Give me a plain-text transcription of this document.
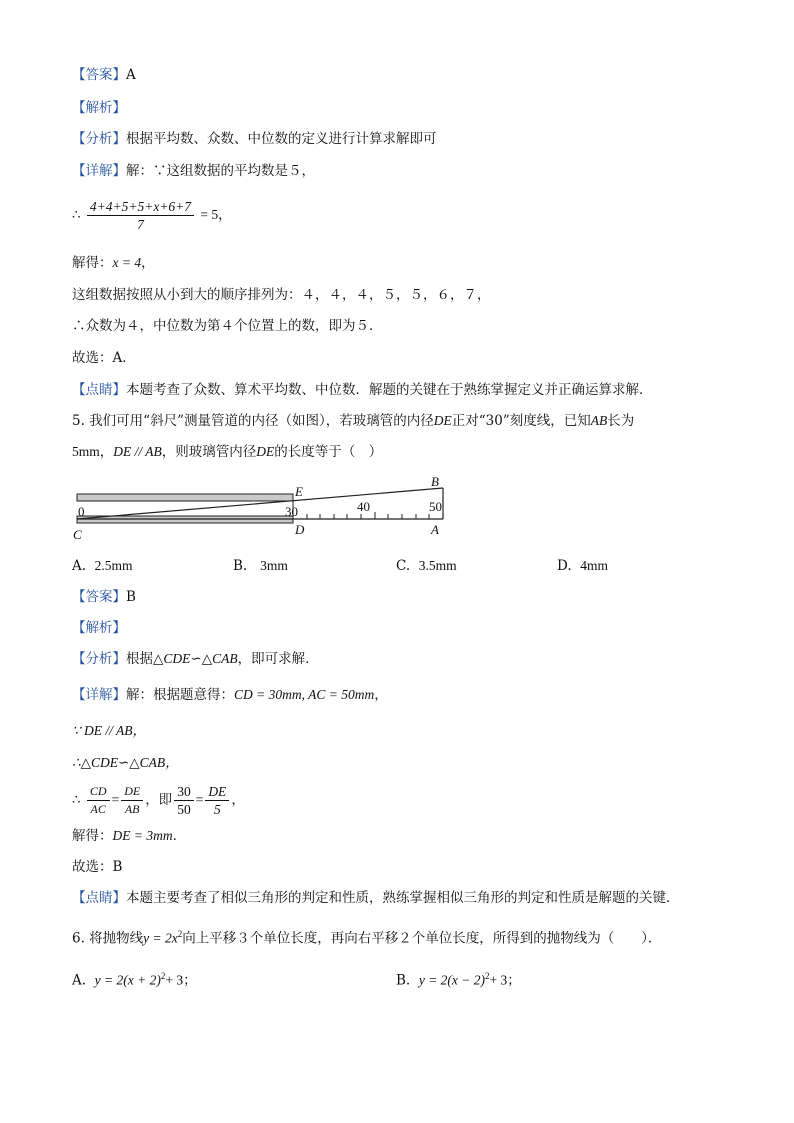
【答案】A
【解析】
【分析】根据平均数、众数、中位数的定义进行计算求解即可
【详解】解：∵这组数据的平均数是５，
∴ $\frac{4+4+5+5+x+6+7}{7} = 5$，
解得：x = 4，
这组数据按照从小到大的顺序排列为：４，４，４，５，５，６，７，
∴众数为４，中位数为第４个位置上的数，即为５．
故选：A．
【点睛】本题考查了众数、算术平均数、中位数．解题的关键在于熟练掌握定义并正确运算求解．
5. 我们可用“斜尺”测量管道的内径（如图），若玻璃管的内径DE正对“30”刻度线，已知AB长为
5mm，DE // AB，则玻璃管内径DE的长度等于（　）
0	30	40	50
E
B
C	D	A
A. 2.5mm	B. 3mm	C. 3.5mm	D. 4mm
【答案】B
【解析】
【分析】根据△CDE∽△CAB，即可求解．
【详解】解：根据题意得：CD = 30mm, AC = 50mm，
∵ DE // AB，
∴△CDE∽△CAB，
∴ $\frac{CD}{AC} = \frac{DE}{AB}$ ，即 $\frac{30}{50} = \frac{DE}{5}$ ，
解得：DE = 3mm．
故选：B
【点睛】本题主要考查了相似三角形的判定和性质，熟练掌握相似三角形的判定和性质是解题的关键．
6. 将抛物线$y = 2x^2$向上平移３个单位长度，再向右平移２个单位长度，所得到的抛物线为（　　）．
A. $y = 2(x + 2)^2+ 3$；	B. $y = 2(x - 2)^2+ 3$；
